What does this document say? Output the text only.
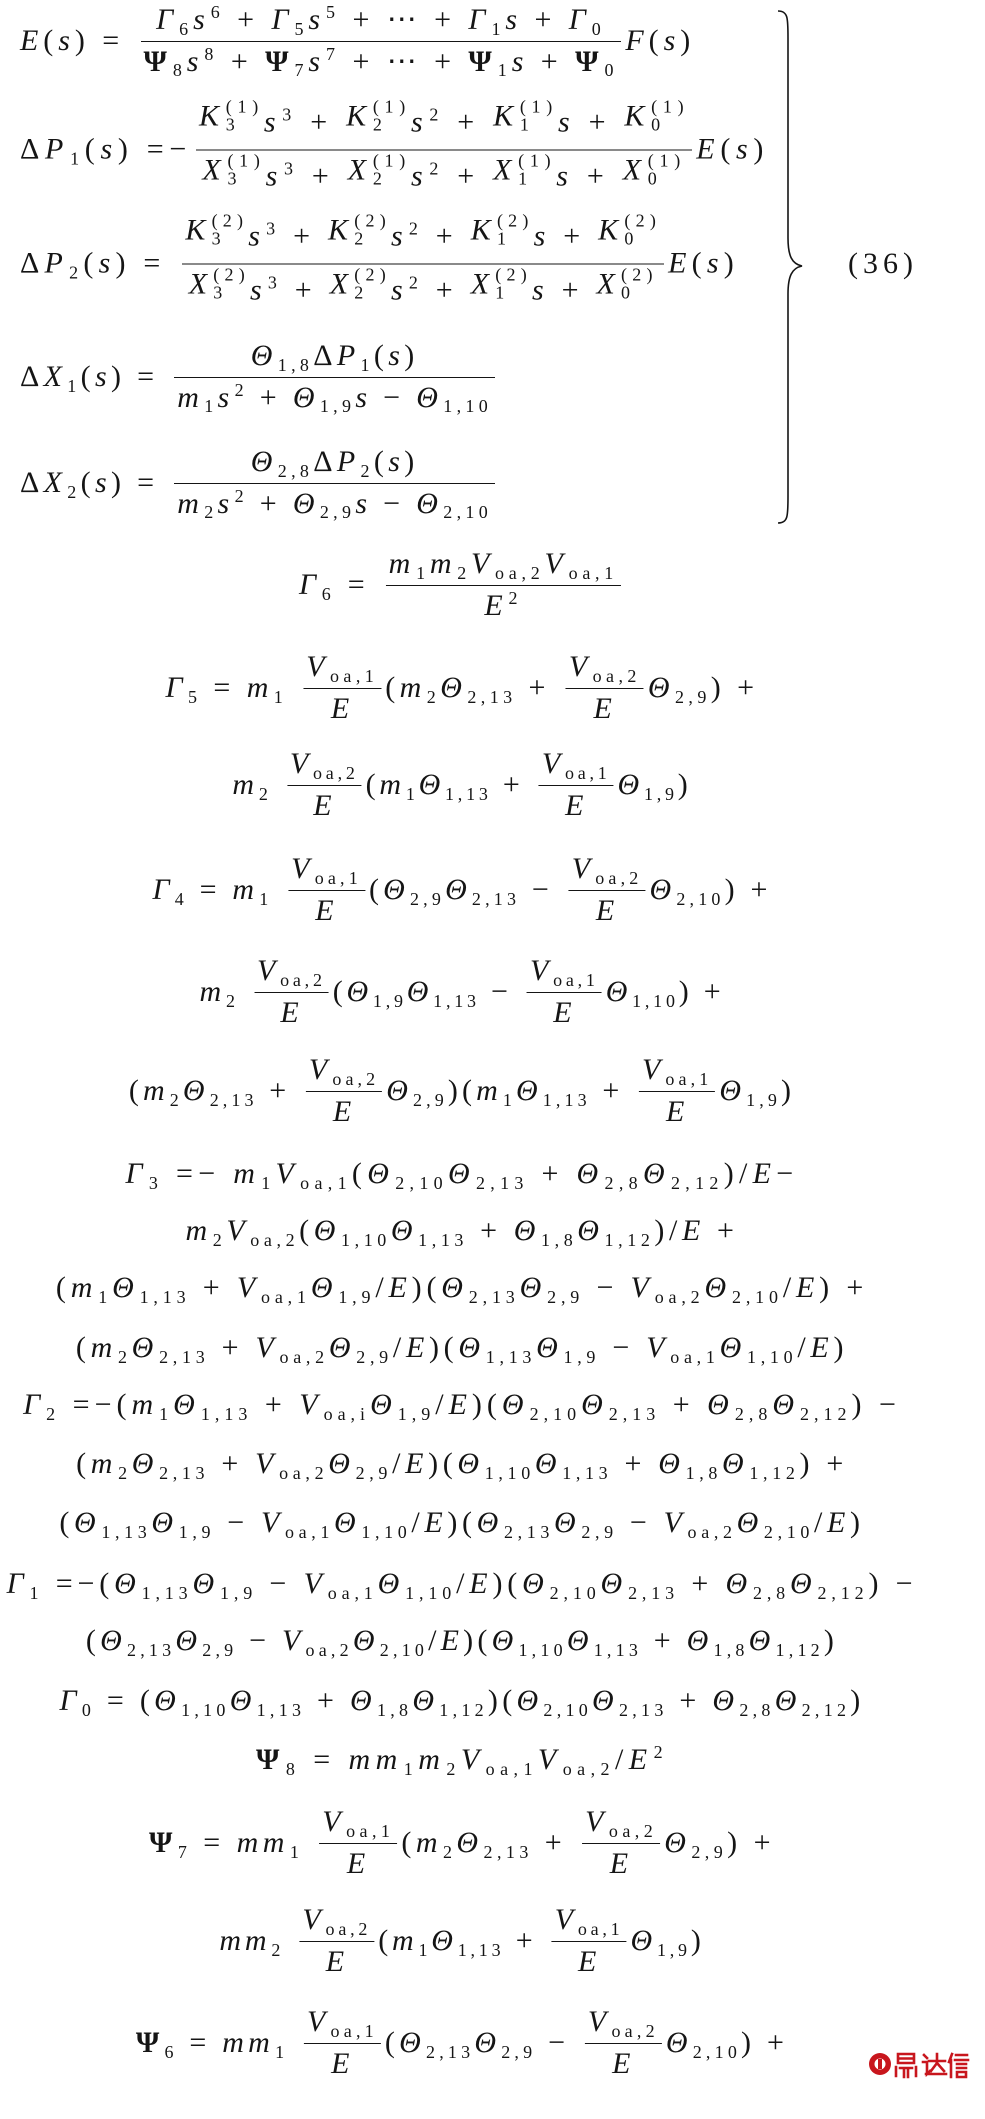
(36)
E ( s ) = $\frac{\Gamma 6 s 6 + \Gamma 5 s 5 + \cdots + \Gamma 1 s + \Gamma 0}{\Psi 8 s 8 + \Psi 7 s 7 + \cdots + \Psi 1 s + \Psi 0}$ F ( s )
Δ P 1 ( s ) =− K (1)
3 s 3 + K (1)
2 s 2 + K (1)
1 s + K (1)
0
X (1)
3 s 3 + X (1)
2 s 2 + X (1)
1 s + X (1)
0 E ( s )
Δ P 2 ( s ) = K (2)
3 s 3 + K (2)
2 s 2 + K (2)
1 s + K (2)
0
X (2)
3 s 3 + X (2)
2 s 2 + X (2)
1 s + X (2)
0 E ( s )
Δ X 1 ( s ) = $\frac{\text{Θ 1,8 Δ P 1 ( s )}}{m 1 s 2 + \Theta 1,9 s - \Theta 1,10}$
Δ X 2 ( s ) = $\frac{\text{Θ 2,8 Δ P 2 ( s )}}{m 2 s 2 + \Theta 2,9 s - \Theta 2,10}$
Γ $6 = \frac{\text{m 1 m 2 V oa,2 V oa,1}}{E 2}$
Γ 5 = m 1
$\frac{\text{V oa,1}}{E}$ ( m 2 Θ $2,13 + \frac{\text{V oa,2}}{E}$ Θ 2,9 ) +
m 2
$\frac{\text{V oa,2}}{E}$ ( m 1 Θ $1,13 + \frac{\text{V oa,1}}{E}$ Θ 1,9 )
Γ 4 = m 1
$\frac{\text{V oa,1}}{E}$ ( Θ 2,9 Θ $2,13 - \frac{\text{V oa,2}}{E}$ Θ 2,10 ) +
m 2
$\frac{\text{V oa,2}}{E}$ ( Θ 1,9 Θ $1,13 - \frac{\text{V oa,1}}{E}$ Θ 1,10 ) +
( m 2 Θ $2,13 + \frac{\text{V oa,2}}{E}$ Θ 2,9 )( m 1 Θ $1,13 + \frac{\text{V oa,1}}{E}$ Θ 1,9 )
Γ 3 =− m 1 V oa,1 ( Θ 2,10 Θ 2,13 + Θ 2,8 Θ 2,12 )/ E −
m 2 V oa,2 ( Θ 1,10 Θ 1,13 + Θ 1,8 Θ 1,12 )/ E +
( m 1 Θ 1,13 + V oa,1 Θ 1,9 / E )( Θ 2,13 Θ 2,9 − V oa,2 Θ 2,10 / E ) +
( m 2 Θ 2,13 + V oa,2 Θ 2,9 / E )( Θ 1,13 Θ 1,9 − V oa,1 Θ 1,10 / E )
Γ 2 =−( m 1 Θ 1,13 + V oa,i Θ 1,9 / E )( Θ 2,10 Θ 2,13 + Θ 2,8 Θ 2,12 ) −
( m 2 Θ 2,13 + V oa,2 Θ 2,9 / E )( Θ 1,10 Θ 1,13 + Θ 1,8 Θ 1,12 ) +
( Θ 1,13 Θ 1,9 − V oa,1 Θ 1,10 / E )( Θ 2,13 Θ 2,9 − V oa,2 Θ 2,10 / E )
Γ 1 =−( Θ 1,13 Θ 1,9 − V oa,1 Θ 1,10 / E )( Θ 2,10 Θ 2,13 + Θ 2,8 Θ 2,12 ) −
( Θ 2,13 Θ 2,9 − V oa,2 Θ 2,10 / E )( Θ 1,10 Θ 1,13 + Θ 1,8 Θ 1,12 )
Γ 0 = ( Θ 1,10 Θ 1,13 + Θ 1,8 Θ 1,12 )( Θ 2,10 Θ 2,13 + Θ 2,8 Θ 2,12 )
Ψ 8 = m m 1 m 2 V oa,1 V oa,2 / E 2
Ψ 7 = m m 1
$\frac{\text{V oa,1}}{E}$ ( m 2 Θ $2,13 + \frac{\text{V oa,2}}{E}$ Θ 2,9 ) +
m m 2
$\frac{\text{V oa,2}}{E}$ ( m 1 Θ $1,13 + \frac{\text{V oa,1}}{E}$ Θ 1,9 )
Ψ 6 = m m 1
$\frac{\text{V oa,1}}{E}$ ( Θ 2,13 Θ $2,9 - \frac{\text{V oa,2}}{E}$ Θ 2,10 ) +
